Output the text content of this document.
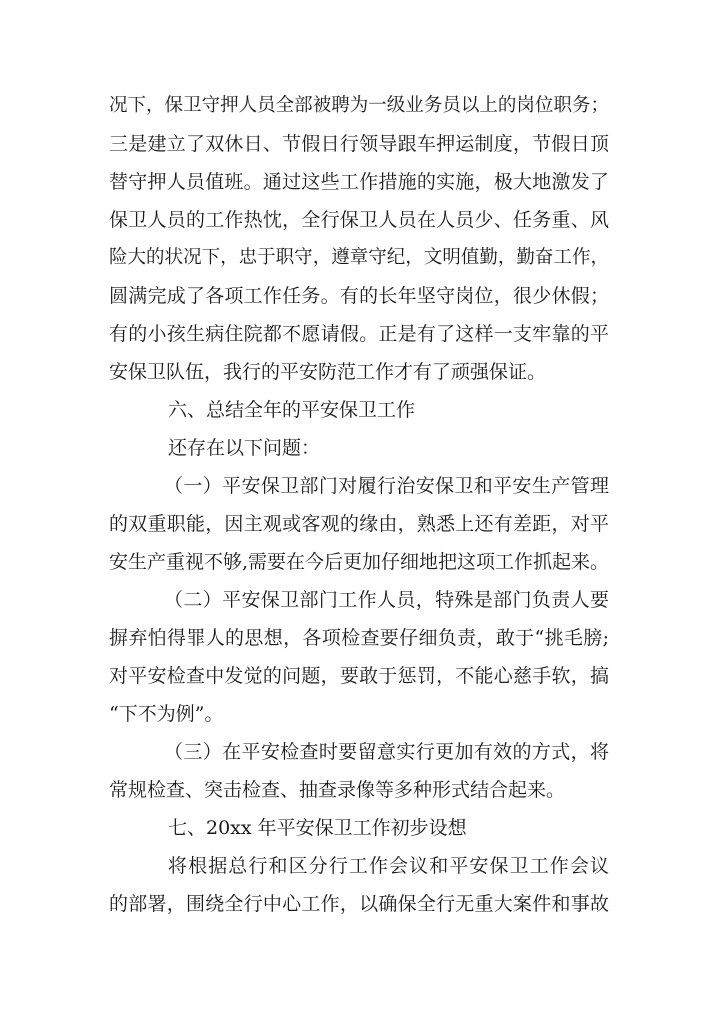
况下，保卫守押人员全部被聘为一级业务员以上的岗位职务；
三是建立了双休日、节假日行领导跟车押运制度，节假日顶
替守押人员值班。通过这些工作措施的实施，极大地激发了
保卫人员的工作热忱，全行保卫人员在人员少、任务重、风
险大的状况下，忠于职守，遵章守纪，文明值勤，勤奋工作，
圆满完成了各项工作任务。有的长年坚守岗位，很少休假；
有的小孩生病住院都不愿请假。正是有了这样一支牢靠的平
安保卫队伍，我行的平安防范工作才有了顽强保证。
六、总结全年的平安保卫工作
还存在以下问题：
（一）平安保卫部门对履行治安保卫和平安生产管理
的双重职能，因主观或客观的缘由，熟悉上还有差距，对平
安生产重视不够,需要在今后更加仔细地把这项工作抓起来。
（二）平安保卫部门工作人员，特殊是部门负责人要
摒弃怕得罪人的思想，各项检查要仔细负责，敢于“挑毛膀;
对平安检查中发觉的问题，要敢于惩罚，不能心慈手软，搞
“下不为例”。
（三）在平安检查时要留意实行更加有效的方式，将
常规检查、突击检查、抽查录像等多种形式结合起来。
七、20xx 年平安保卫工作初步设想
将根据总行和区分行工作会议和平安保卫工作会议
的部署，围绕全行中心工作，以确保全行无重大案件和事故
